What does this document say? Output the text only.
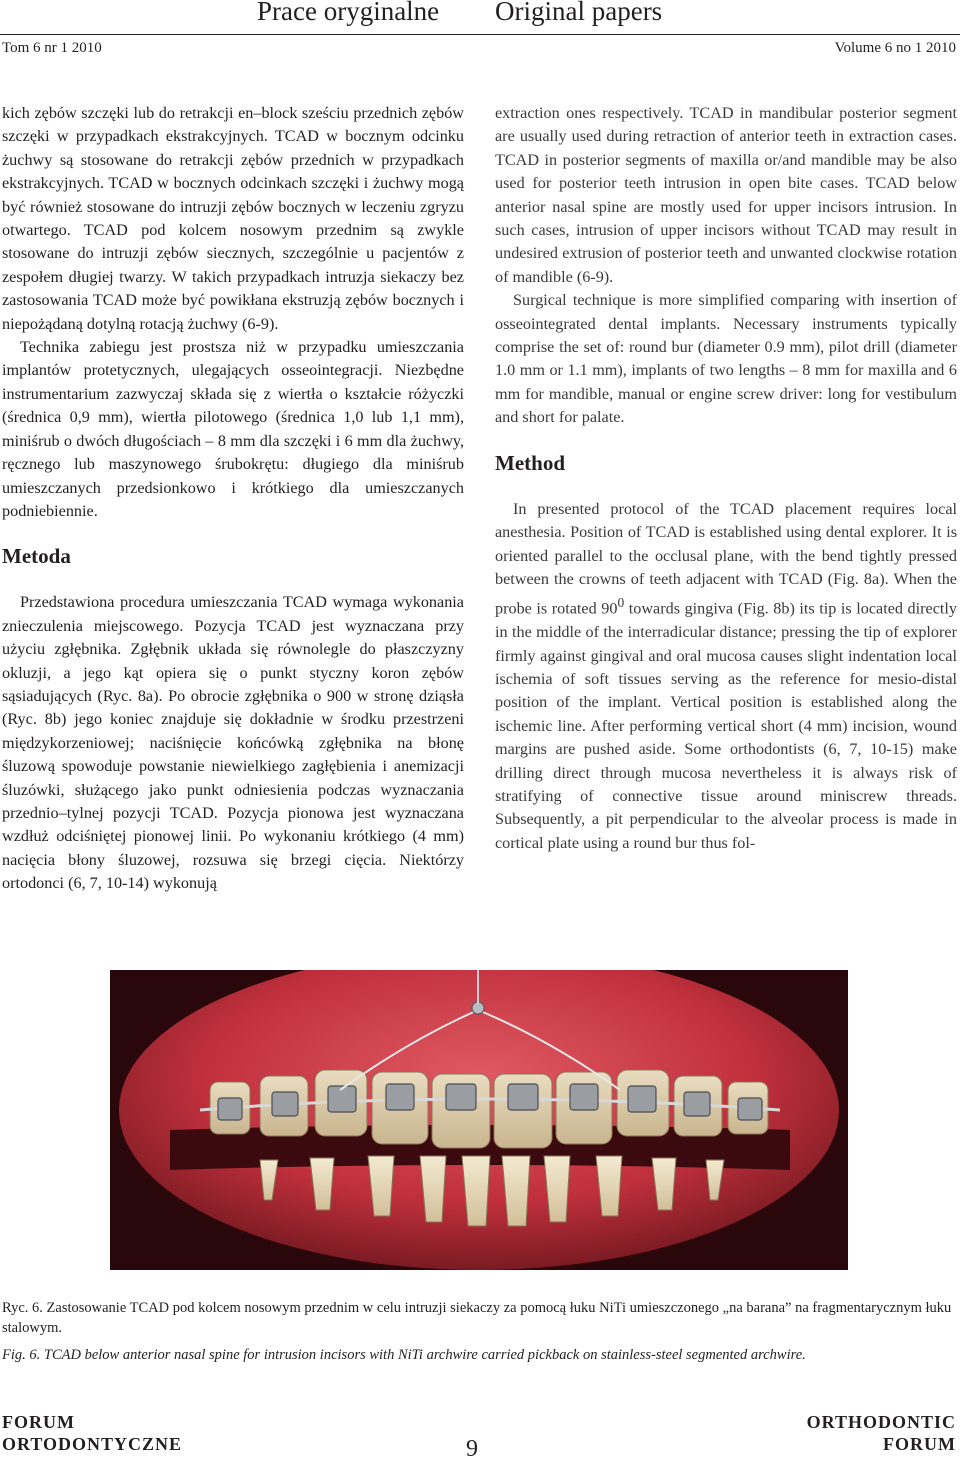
Prace oryginalne Original papers
Tom 6 nr 1 2010	Volume 6 no 1 2010

kich zębów szczęki lub do retrakcji en–block sześciu przednich zębów szczęki w przypadkach ekstrakcyjnych. TCAD w bocznym odcinku żuchwy są stosowane do retrakcji zębów przednich w przypadkach ekstrakcyjnych. TCAD w bocznych odcinkach szczęki i żuchwy mogą być również stosowane do intruzji zębów bocznych w leczeniu zgryzu otwartego. TCAD pod kolcem nosowym przednim są zwykle stosowane do intruzji zębów siecznych, szczególnie u pacjentów z zespołem długiej twarzy. W takich przypadkach intruzja siekaczy bez zastosowania TCAD może być powikłana ekstruzją zębów bocznych i niepożądaną dotylną rotacją żuchwy (6-9).

Technika zabiegu jest prostsza niż w przypadku umieszczania implantów protetycznych, ulegających osseointegracji. Niezbędne instrumentarium zazwyczaj składa się z wiertła o kształcie różyczki (średnica 0,9 mm), wiertła pilotowego (średnica 1,0 lub 1,1 mm), miniśrub o dwóch długościach – 8 mm dla szczęki i 6 mm dla żuchwy, ręcznego lub maszynowego śrubokrętu: długiego dla miniśrub umieszczanych przedsionkowo i krótkiego dla umieszczanych podniebiennie.

Metoda

Przedstawiona procedura umieszczania TCAD wymaga wykonania znieczulenia miejscowego. Pozycja TCAD jest wyznaczana przy użyciu zgłębnika. Zgłębnik układa się równolegle do płaszczyzny okluzji, a jego kąt opiera się o punkt styczny koron zębów sąsiadujących (Ryc. 8a). Po obrocie zgłębnika o 900 w stronę dziąsła (Ryc. 8b) jego koniec znajduje się dokładnie w środku przestrzeni międzykorzeniowej; naciśnięcie końcówką zgłębnika na błonę śluzową spowoduje powstanie niewielkiego zagłębienia i anemizacji śluzówki, służącego jako punkt odniesienia podczas wyznaczania przednio–tylnej pozycji TCAD. Pozycja pionowa jest wyznaczana wzdłuż odciśniętej pionowej linii. Po wykonaniu krótkiego (4 mm) nacięcia błony śluzowej, rozsuwa się brzegi cięcia. Niektórzy ortodonci (6, 7, 10-14) wykonują

extraction ones respectively. TCAD in mandibular posterior segment are usually used during retraction of anterior teeth in extraction cases. TCAD in posterior segments of maxilla or/and mandible may be also used for posterior teeth intrusion in open bite cases. TCAD below anterior nasal spine are mostly used for upper incisors intrusion. In such cases, intrusion of upper incisors without TCAD may result in undesired extrusion of posterior teeth and unwanted clockwise rotation of mandible (6-9).

Surgical technique is more simplified comparing with insertion of osseointegrated dental implants. Necessary instruments typically comprise the set of: round bur (diameter 0.9 mm), pilot drill (diameter 1.0 mm or 1.1 mm), implants of two lengths – 8 mm for maxilla and 6 mm for mandible, manual or engine screw driver: long for vestibulum and short for palate.

Method

In presented protocol of the TCAD placement requires local anesthesia. Position of TCAD is established using dental explorer. It is oriented parallel to the occlusal plane, with the bend tightly pressed between the crowns of teeth adjacent with TCAD (Fig. 8a). When the probe is rotated $90^0$ towards gingiva (Fig. 8b) its tip is located directly in the middle of the interradicular distance; pressing the tip of explorer firmly against gingival and oral mucosa causes slight indentation local ischemia of soft tissues serving as the reference for mesio-distal position of the implant. Vertical position is established along the ischemic line. After performing vertical short (4 mm) incision, wound margins are pushed aside. Some orthodontists (6, 7, 10-15) make drilling direct through mucosa nevertheless it is always risk of stratifying of connective tissue around miniscrew threads. Subsequently, a pit perpendicular to the alveolar process is made in cortical plate using a round bur thus fol-

Ryc. 6. Zastosowanie TCAD pod kolcem nosowym przednim w celu intruzji siekaczy za pomocą łuku NiTi umieszczonego „na barana” na fragmentarycznym łuku stalowym.
Fig. 6. TCAD below anterior nasal spine for intrusion incisors with NiTi archwire carried pickback on stainless-steel segmented archwire.
FORUM
ORTODONTYCZNE	9
ORTHODONTIC
FORUM
